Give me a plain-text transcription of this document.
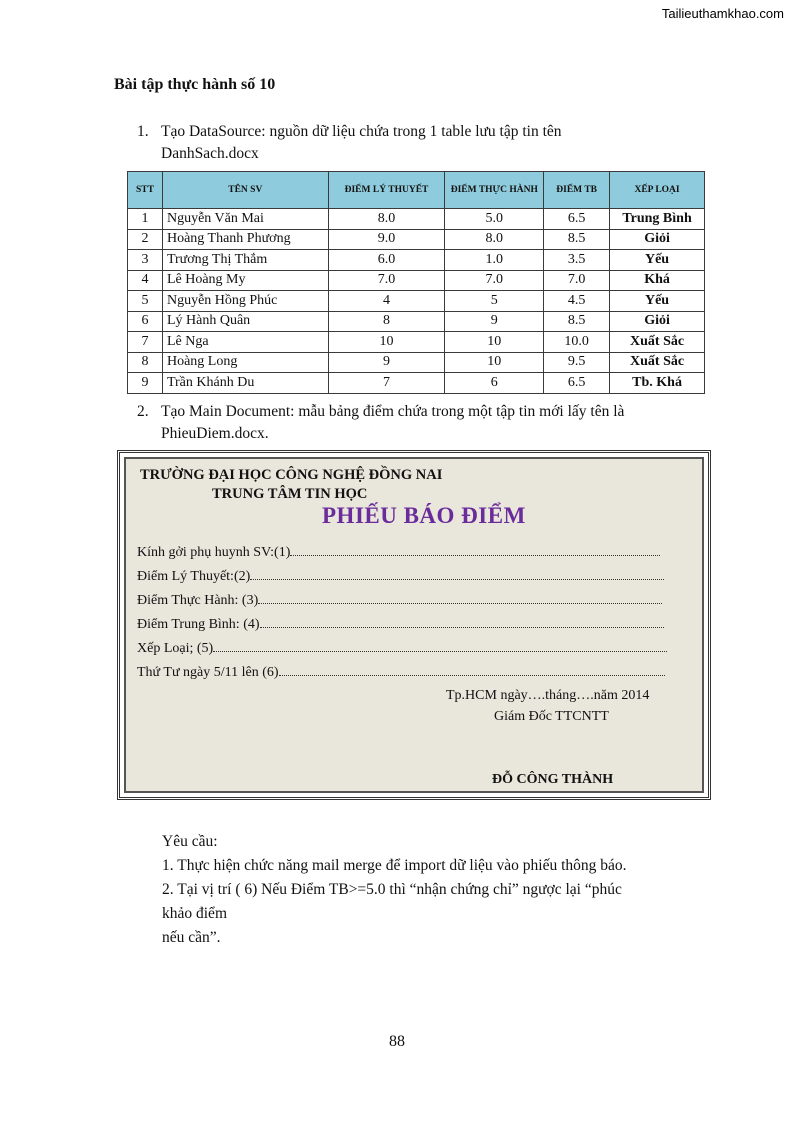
Tailieuthamkhao.com
Bài tập thực hành số 10
1. Tạo DataSource: nguồn dữ liệu chứa trong 1 table lưu tập tin tên
DanhSach.docx
STT	TÊN SV	ĐIỂM LÝ THUYẾT	ĐIỂM THỰC HÀNH	ĐIỂM TB	XẾP LOẠI
1	Nguyễn Văn Mai	8.0	5.0	6.5	Trung Bình
2	Hoàng Thanh Phương	9.0	8.0	8.5	Giỏi
3	Trương Thị Thắm	6.0	1.0	3.5	Yếu
4	Lê Hoàng My	7.0	7.0	7.0	Khá
5	Nguyễn Hồng Phúc	4	5	4.5	Yếu
6	Lý Hành Quân	8	9	8.5	Giỏi
7	Lê Nga	10	10	10.0	Xuất Sắc
8	Hoàng Long	9	10	9.5	Xuất Sắc
9	Trần Khánh Du	7	6	6.5	Tb. Khá
2. Tạo Main Document: mẫu bảng điểm chứa trong một tập tin mới lấy tên là
PhieuDiem.docx.
TRƯỜNG ĐẠI HỌC CÔNG NGHỆ ĐỒNG NAI
TRUNG TÂM TIN HỌC
PHIẾU BÁO ĐIỂM
Kính gởi phụ huynh SV:(1)
Điểm Lý Thuyết:(2)
Điểm Thực Hành: (3)
Điểm Trung Bình: (4)
Xếp Loại; (5)
Thứ Tư ngày 5/11 lên (6)
Tp.HCM ngày….tháng….năm 2014
Giám Đốc TTCNTT
ĐỖ CÔNG THÀNH
Yêu cầu:
1. Thực hiện chức năng mail merge để import dữ liệu vào phiếu thông báo.
2. Tại vị trí ( 6) Nếu Điểm TB>=5.0 thì “nhận chứng chỉ” ngược lại “phúc
khảo điểm
nếu cần”.
88
